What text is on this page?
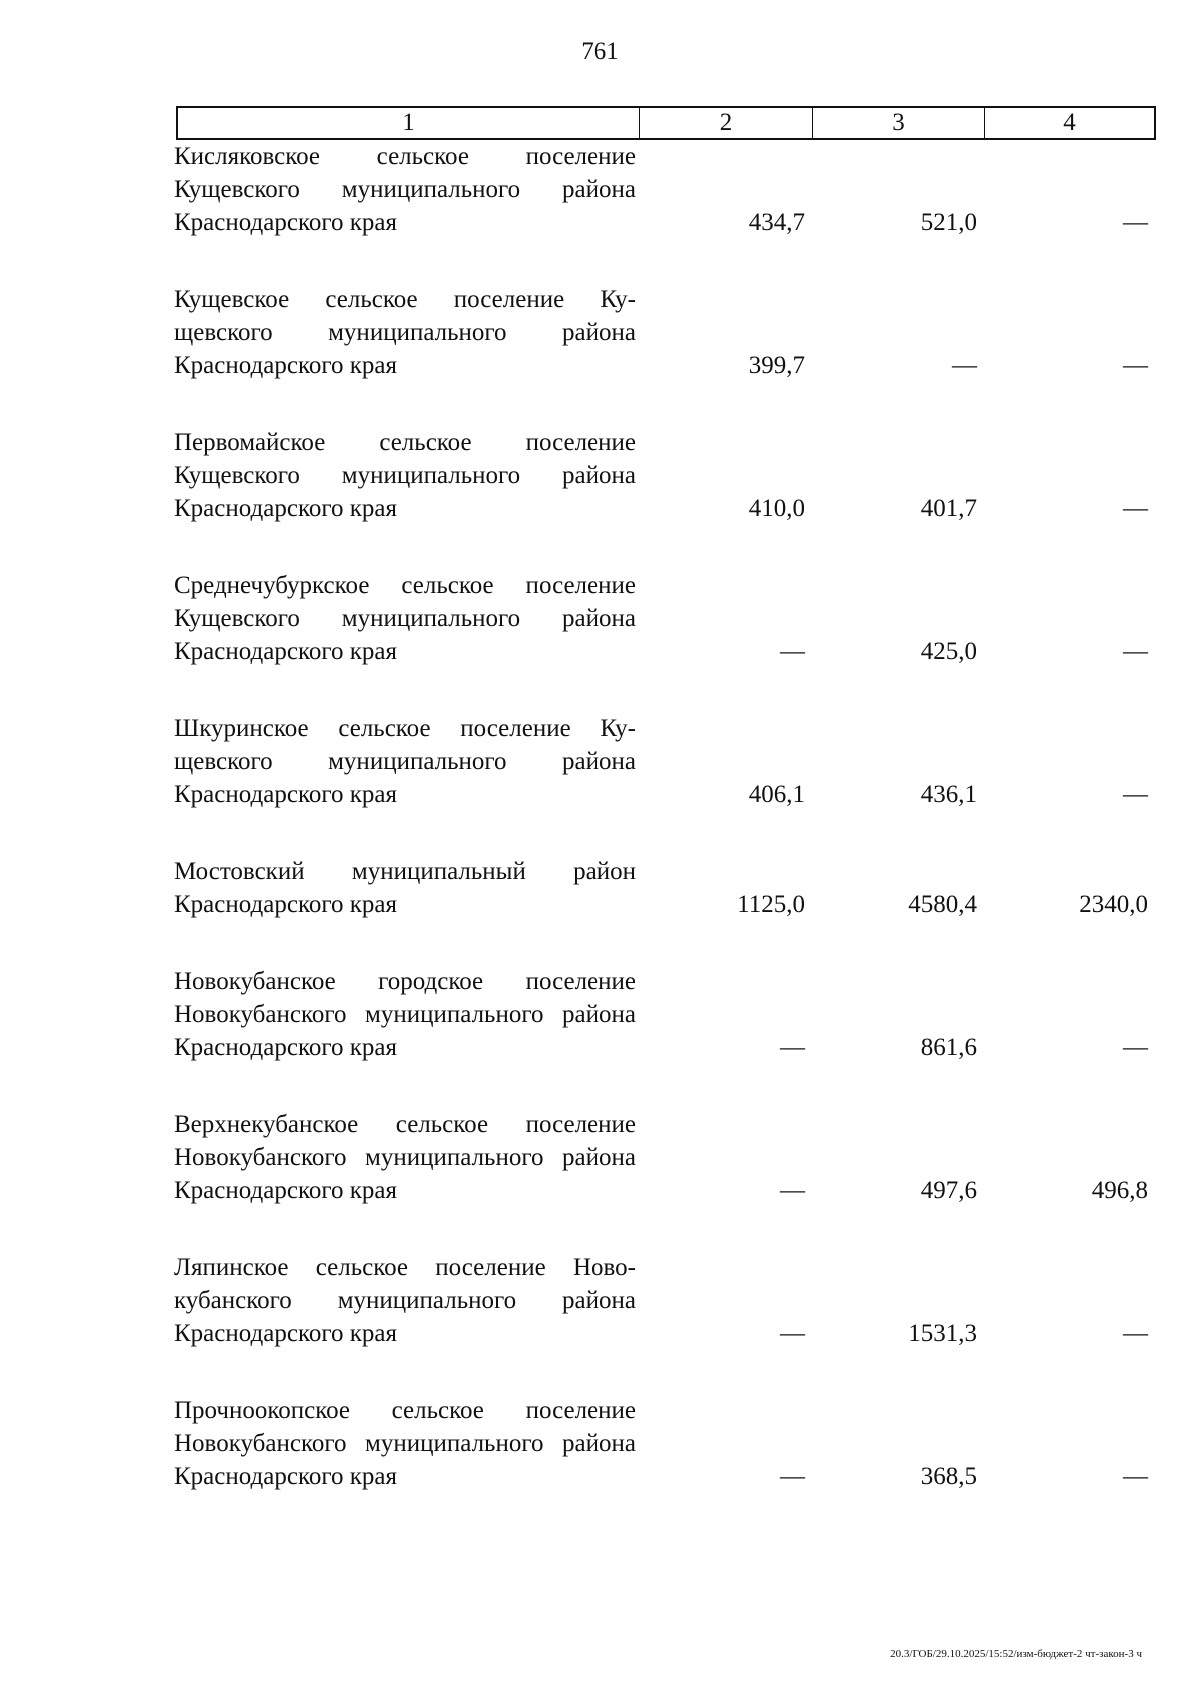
761
1	2	3	4
Кисляковское сельское поселение Кущевского муниципального района Краснодарского края	434,7	521,0	—
Кущевское сельское поселение Кущевского муниципального района Краснодарского края	399,7	—	—
Первомайское сельское поселение Кущевского муниципального района Краснодарского края	410,0	401,7	—
Среднечубуркское сельское поселение Кущевского муниципального района Краснодарского края	—	425,0	—
Шкуринское сельское поселение Кущевского муниципального района Краснодарского края	406,1	436,1	—
Мостовский муниципальный район Краснодарского края	1125,0	4580,4	2340,0
Новокубанское городское поселение Новокубанского муниципального района Краснодарского края	—	861,6	—
Верхнекубанское сельское поселение Новокубанского муниципального района Краснодарского края	—	497,6	496,8
Ляпинское сельское поселение Новокубанского муниципального района Краснодарского края	—	1531,3	—
Прочноокопское сельское поселение Новокубанского муниципального района Краснодарского края	—	368,5	—
20.3/ГОБ/29.10.2025/15:52/изм-бюджет-2 чт-закон-3 ч
